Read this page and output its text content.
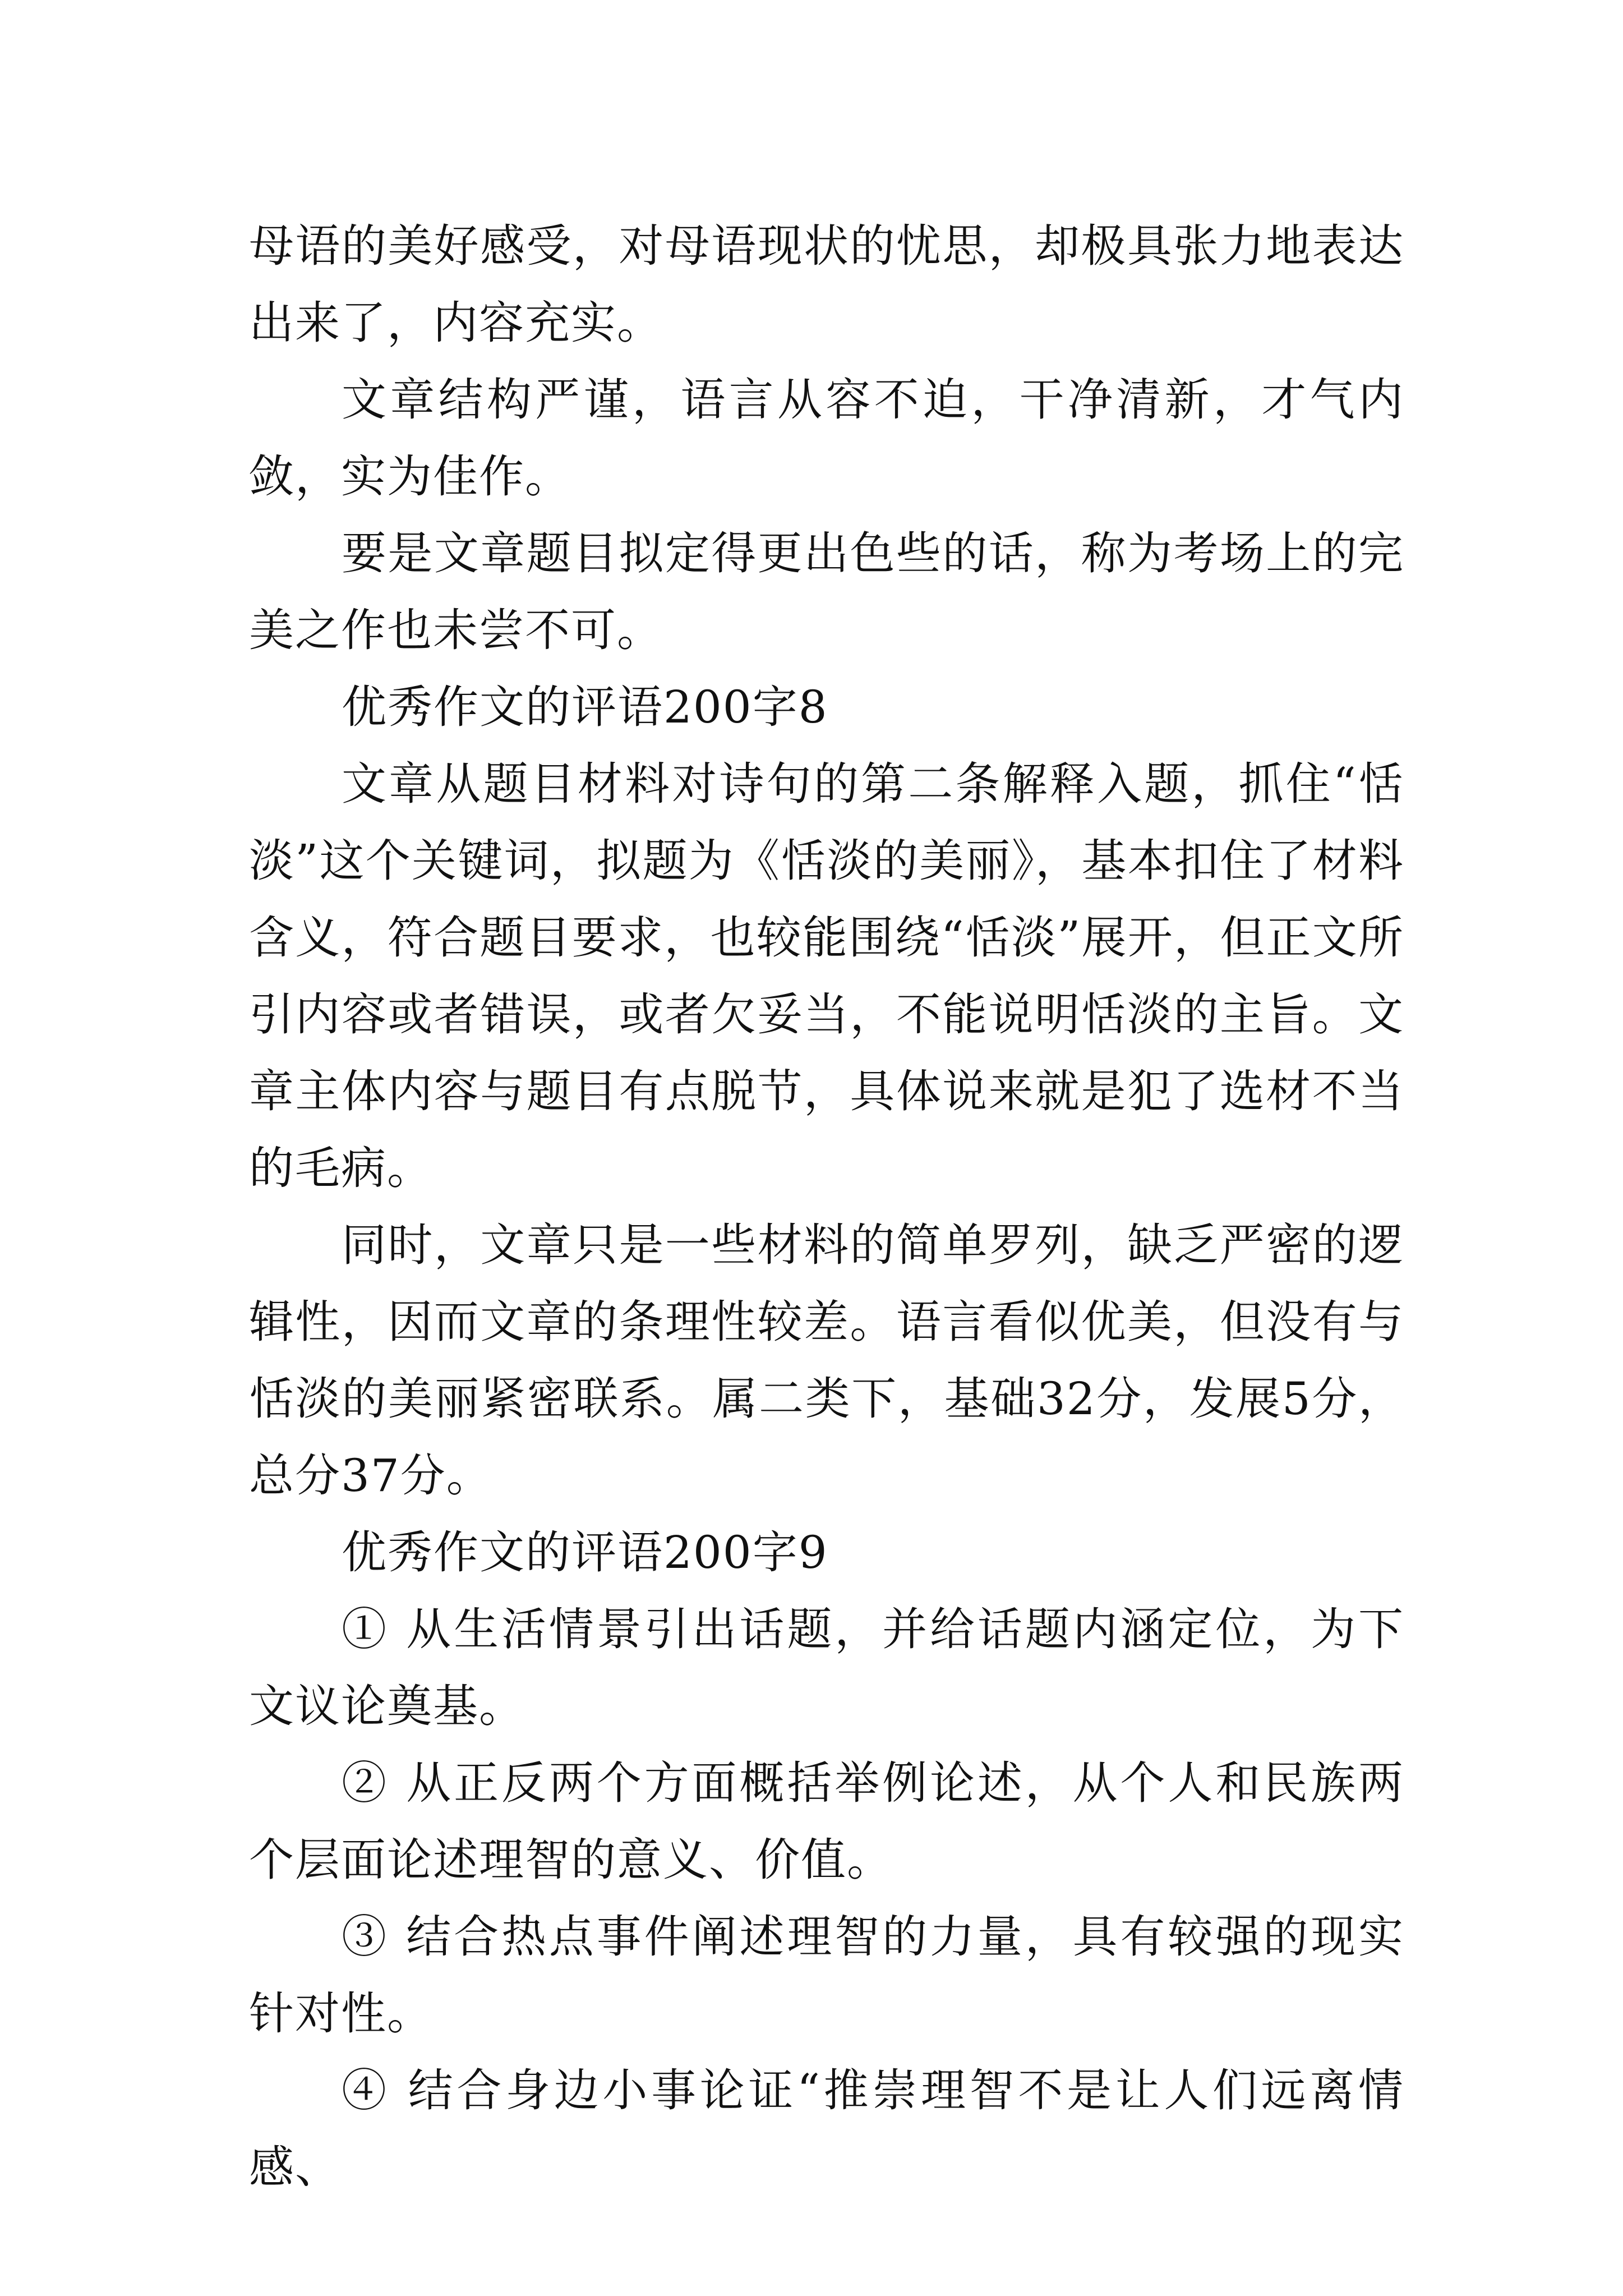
母语的美好感受，对母语现状的忧思，却极具张力地表达出来了，内容充实。

文章结构严谨，语言从容不迫，干净清新，才气内敛，实为佳作。

要是文章题目拟定得更出色些的话，称为考场上的完美之作也未尝不可。

优秀作文的评语200字8

文章从题目材料对诗句的第二条解释入题，抓住“恬淡”这个关键词，拟题为《恬淡的美丽》，基本扣住了材料含义，符合题目要求，也较能围绕“恬淡”展开，但正文所引内容或者错误，或者欠妥当，不能说明恬淡的主旨。文章主体内容与题目有点脱节，具体说来就是犯了选材不当的毛病。

同时，文章只是一些材料的简单罗列，缺乏严密的逻辑性，因而文章的条理性较差。语言看似优美，但没有与恬淡的美丽紧密联系。属二类下，基础32分，发展5分，总分37分。

优秀作文的评语200字9

① 从生活情景引出话题，并给话题内涵定位，为下文议论奠基。

② 从正反两个方面概括举例论述，从个人和民族两个层面论述理智的意义、价值。

③ 结合热点事件阐述理智的力量，具有较强的现实针对性。

④ 结合身边小事论证“推崇理智不是让人们远离情感、
